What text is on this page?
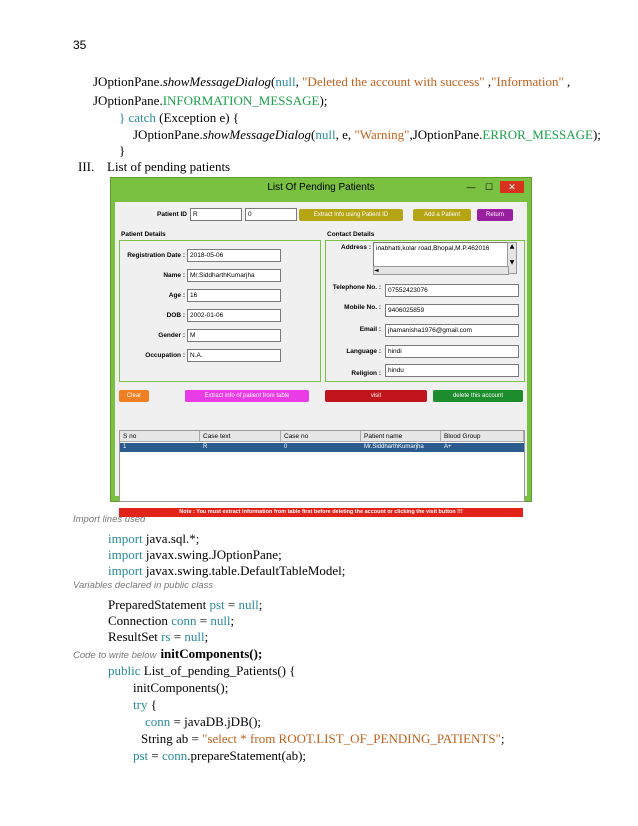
35
JOptionPane.showMessageDialog(null, "Deleted the account with success" ,"Information" ,
JOptionPane.INFORMATION_MESSAGE);
} catch (Exception e) {
JOptionPane.showMessageDialog(null, e, "Warning",JOptionPane.ERROR_MESSAGE);
}
III. List of pending patients
List Of Pending Patients	—	☐	✕
Patient ID R	0	Extract Info using Patient ID	Add a Patient	Return
Patient Details
Registration Date : 2018-05-06
Name : Mr.SiddharthKumarjha
Age : 16
DOB : 2002-01-06
Gender : M
Occupation : N.A.
Contact Details
Address : inabhatti,kolar road,Bhopal,M.P.462016	▲

▼
◄
Telephone No. :	07552423076
Mobile No. :	9406025859
Email :	jhamanisha1976@gmail.com
Language :	hindi
Religion :	hindu
Clear	Extract info of patient from table	visit	delete this account
S no	Case text	Case no	Patient name	Blood Group
1	R	0	Mr.SiddharthKumarjha	A+
Note : You must extract Information from table first before deleting the account or clicking the visit button !!!
Import lines used
import java.sql.*;
import javax.swing.JOptionPane;
import javax.swing.table.DefaultTableModel;
Variables declared in public class
PreparedStatement pst = null;
Connection conn = null;
ResultSet rs = null;
Code to write below initComponents();
public List_of_pending_Patients() {
initComponents();
try {
conn = javaDB.jDB();
String ab = "select * from ROOT.LIST_OF_PENDING_PATIENTS";
pst = conn.prepareStatement(ab);
